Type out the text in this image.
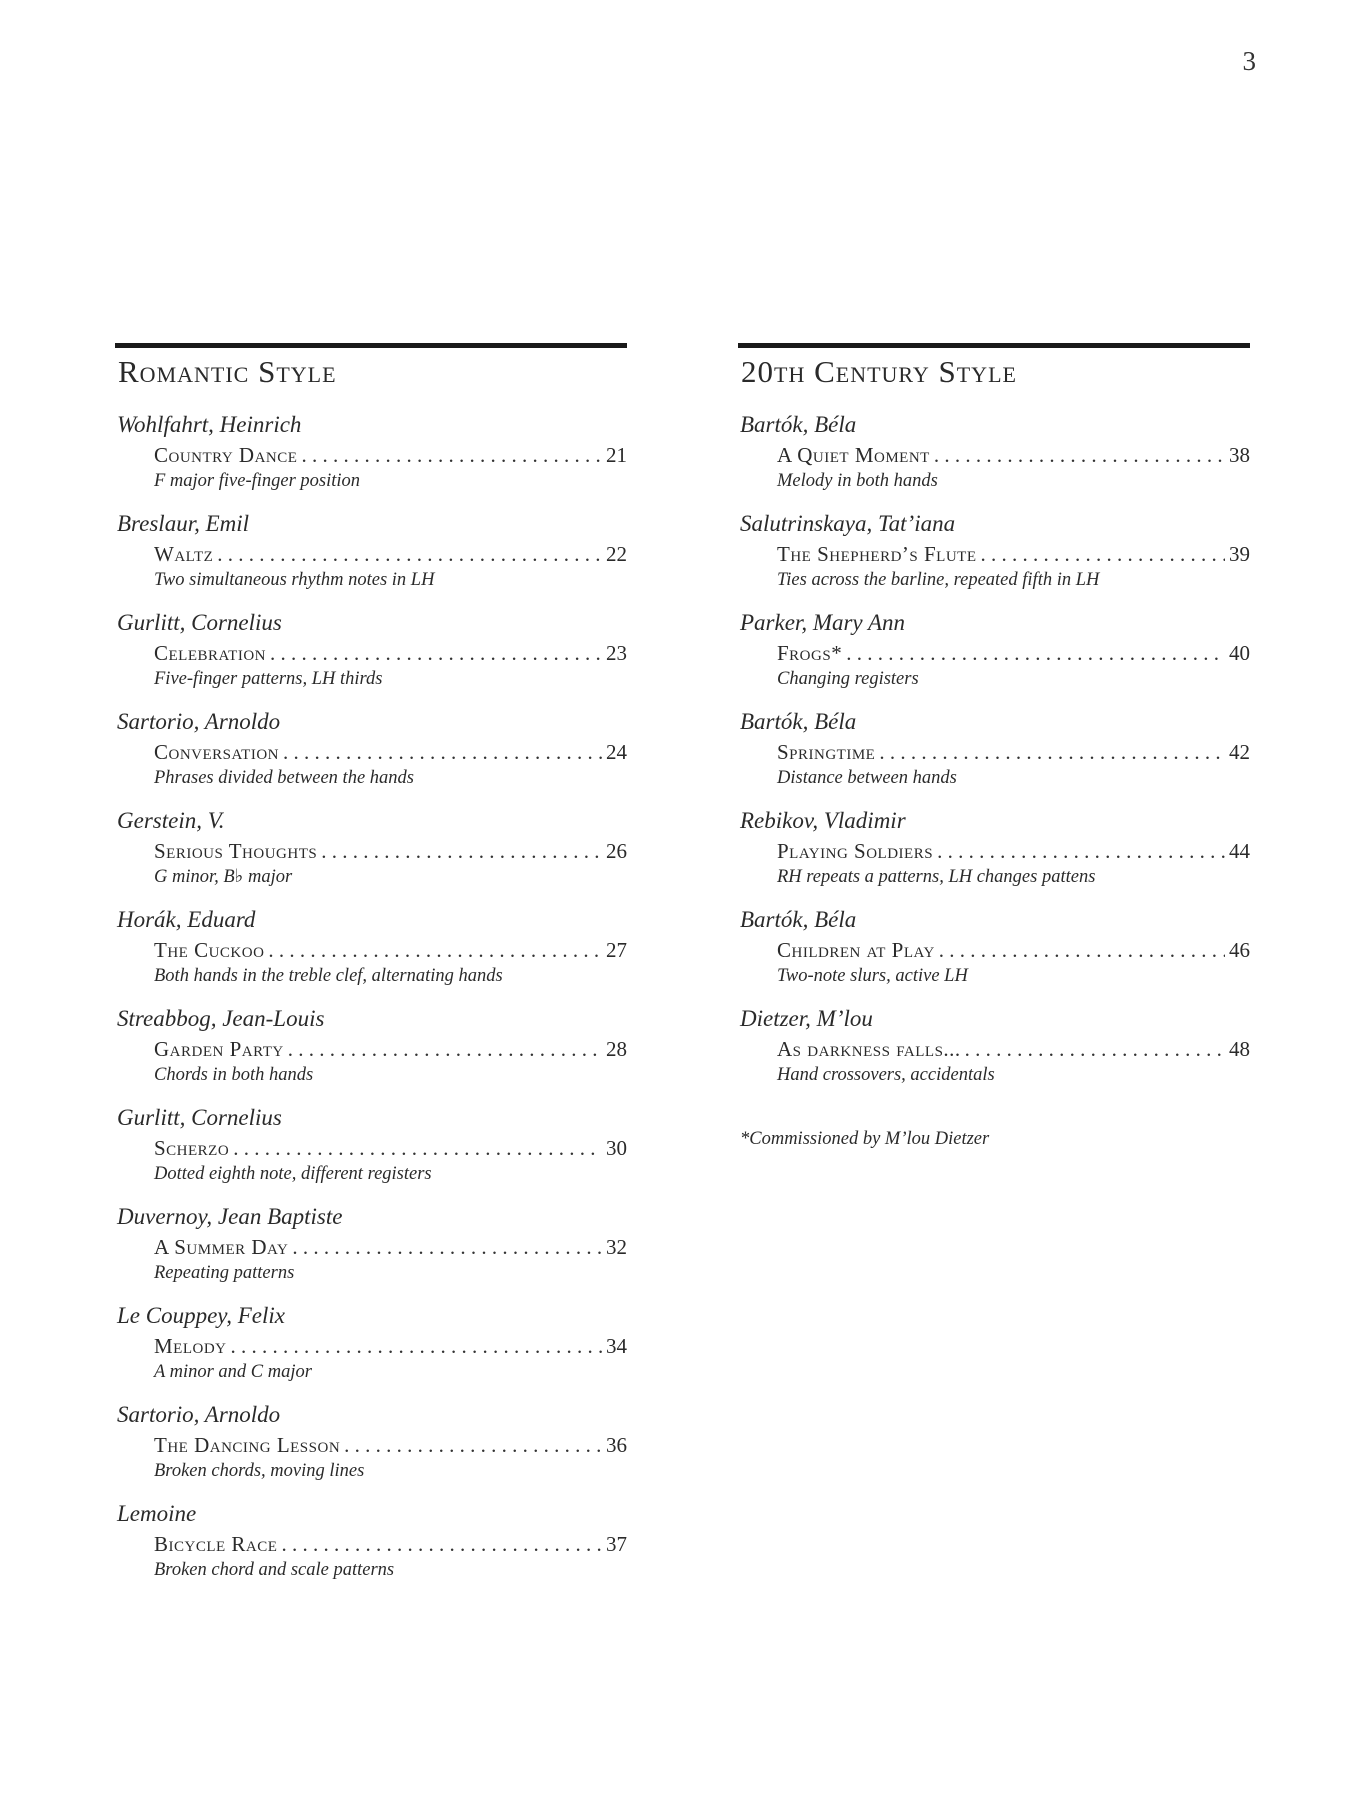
3
Romantic Style
Wohlfahrt, Heinrich
Country Dance . . .	21
F major five-finger position
Breslaur, Emil
Waltz . . .	22
Two simultaneous rhythm notes in LH
Gurlitt, Cornelius
Celebration . . .	23
Five-finger patterns, LH thirds
Sartorio, Arnoldo
Conversation . . .	24
Phrases divided between the hands
Gerstein, V.
Serious Thoughts . . .	26
G minor, B♭ major
Horák, Eduard
The Cuckoo . . .	27
Both hands in the treble clef, alternating hands
Streabbog, Jean-Louis
Garden Party . . .	28
Chords in both hands
Gurlitt, Cornelius
Scherzo . . .	30
Dotted eighth note, different registers
Duvernoy, Jean Baptiste
A Summer Day . . .	32
Repeating patterns
Le Couppey, Felix
Melody . . .	34
A minor and C major
Sartorio, Arnoldo
The Dancing Lesson . . .	36
Broken chords, moving lines
Lemoine
Bicycle Race . . .	37
Broken chord and scale patterns
20th Century Style
Bartók, Béla
A Quiet Moment . . .	38
Melody in both hands
Salutrinskaya, Tat’iana
The Shepherd’s Flute . . .	39
Ties across the barline, repeated fifth in LH
Parker, Mary Ann
Frogs* . . .	40
Changing registers
Bartók, Béla
Springtime . . .	42
Distance between hands
Rebikov, Vladimir
Playing Soldiers . . .	44
RH repeats a patterns, LH changes pattens
Bartók, Béla
Children at Play . . .	46
Two-note slurs, active LH
Dietzer, M’lou
As darkness falls... . . .	48
Hand crossovers, accidentals
*Commissioned by M’lou Dietzer
